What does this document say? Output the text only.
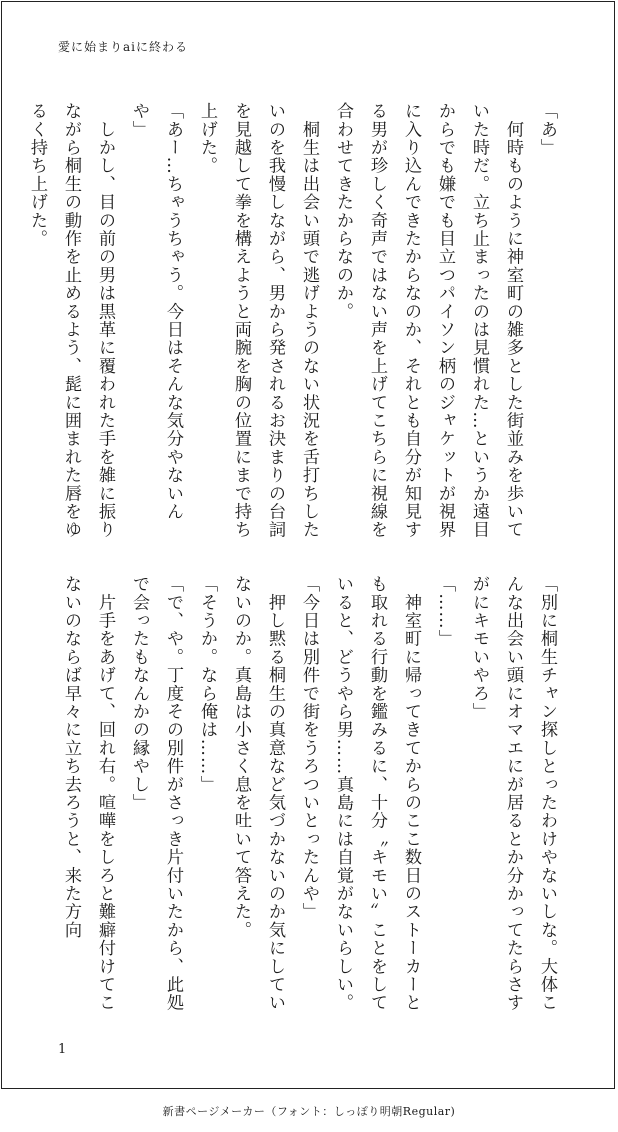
愛に始まりaiに終わる

「あ」

　何時ものように神室町の雑多とした街並みを歩いていた時だ。立ち止まったのは見慣れた…というか遠目からでも嫌でも目立つパイソン柄のジャケットが視界に入り込んできたからなのか、それとも自分が知見する男が珍しく奇声ではない声を上げてこちらに視線を合わせてきたからなのか。

　桐生は出会い頭で逃げようのない状況を舌打ちしたいのを我慢しながら、男から発されるお決まりの台詞を見越して拳を構えようと両腕を胸の位置にまで持ち上げた。

「あー…ちゃうちゃう。今日はそんな気分やないんや」

　しかし、目の前の男は黒革に覆われた手を雑に振りながら桐生の動作を止めるよう、髭に囲まれた唇をゆるく持ち上げた。

「別に桐生チャン探しとったわけやないしな。大体こんな出会い頭にオマエにが居るとか分かってたらさすがにキモいやろ」

「……」

　神室町に帰ってきてからのここ数日のストーカーとも取れる行動を鑑みるに、十分〝キモい〟ことをしていると、どうやら男……真島には自覚がないらしい。

「今日は別件で街をうろついとったんや」

　押し黙る桐生の真意など気づかないのか気にしていないのか。真島は小さく息を吐いて答えた。

「そうか。なら俺は……」

「で、や。丁度その別件がさっき片付いたから、此処で会ったもなんかの縁やし」

　片手をあげて、回れ右。喧嘩をしろと難癖付けてこないのならば早々に立ち去ろうと、来た方向

1
新書ページメーカー（フォント：しっぽり明朝Regular)
